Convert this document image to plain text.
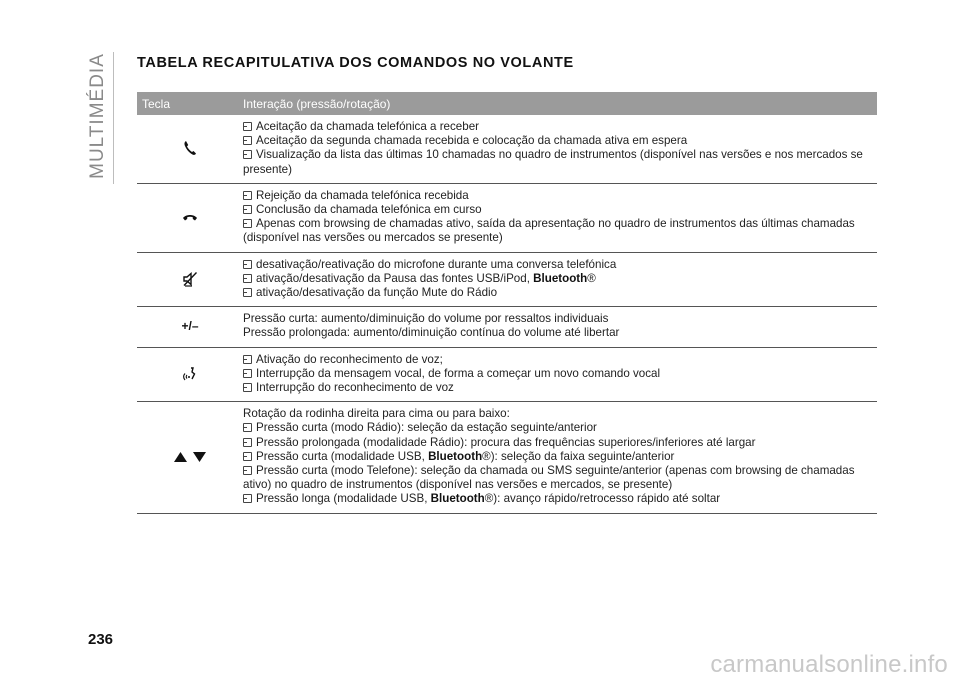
MULTIMÉDIA TABELA RECAPITULATIVA DOS COMANDOS NO VOLANTE
Tecla	Interação (pressão/rotação)
Aceitação da chamada telefónica a receber
Aceitação da segunda chamada recebida e colocação da chamada ativa em espera
Visualização da lista das últimas 10 chamadas no quadro de instrumentos (disponível nas versões e nos mercados se
presente)
Rejeição da chamada telefónica recebida
Conclusão da chamada telefónica em curso
Apenas com browsing de chamadas ativo, saída da apresentação no quadro de instrumentos das últimas chamadas
(disponível nas versões ou mercados se presente)
desativação/reativação do microfone durante uma conversa telefónica
ativação/desativação da Pausa das fontes USB/iPod, Bluetooth®
ativação/desativação da função Mute do Rádio
+/–
Pressão curta: aumento/diminuição do volume por ressaltos individuais
Pressão prolongada: aumento/diminuição contínua do volume até libertar
Ativação do reconhecimento de voz;
Interrupção da mensagem vocal, de forma a começar um novo comando vocal
Interrupção do reconhecimento de voz
Rotação da rodinha direita para cima ou para baixo:
Pressão curta (modo Rádio): seleção da estação seguinte/anterior
Pressão prolongada (modalidade Rádio): procura das frequências superiores/inferiores até largar
Pressão curta (modalidade USB, Bluetooth®): seleção da faixa seguinte/anterior
Pressão curta (modo Telefone): seleção da chamada ou SMS seguinte/anterior (apenas com browsing de chamadas
ativo) no quadro de instrumentos (disponível nas versões e mercados, se presente)
Pressão longa (modalidade USB, Bluetooth®): avanço rápido/retrocesso rápido até soltar
236
carmanualsonline.info
